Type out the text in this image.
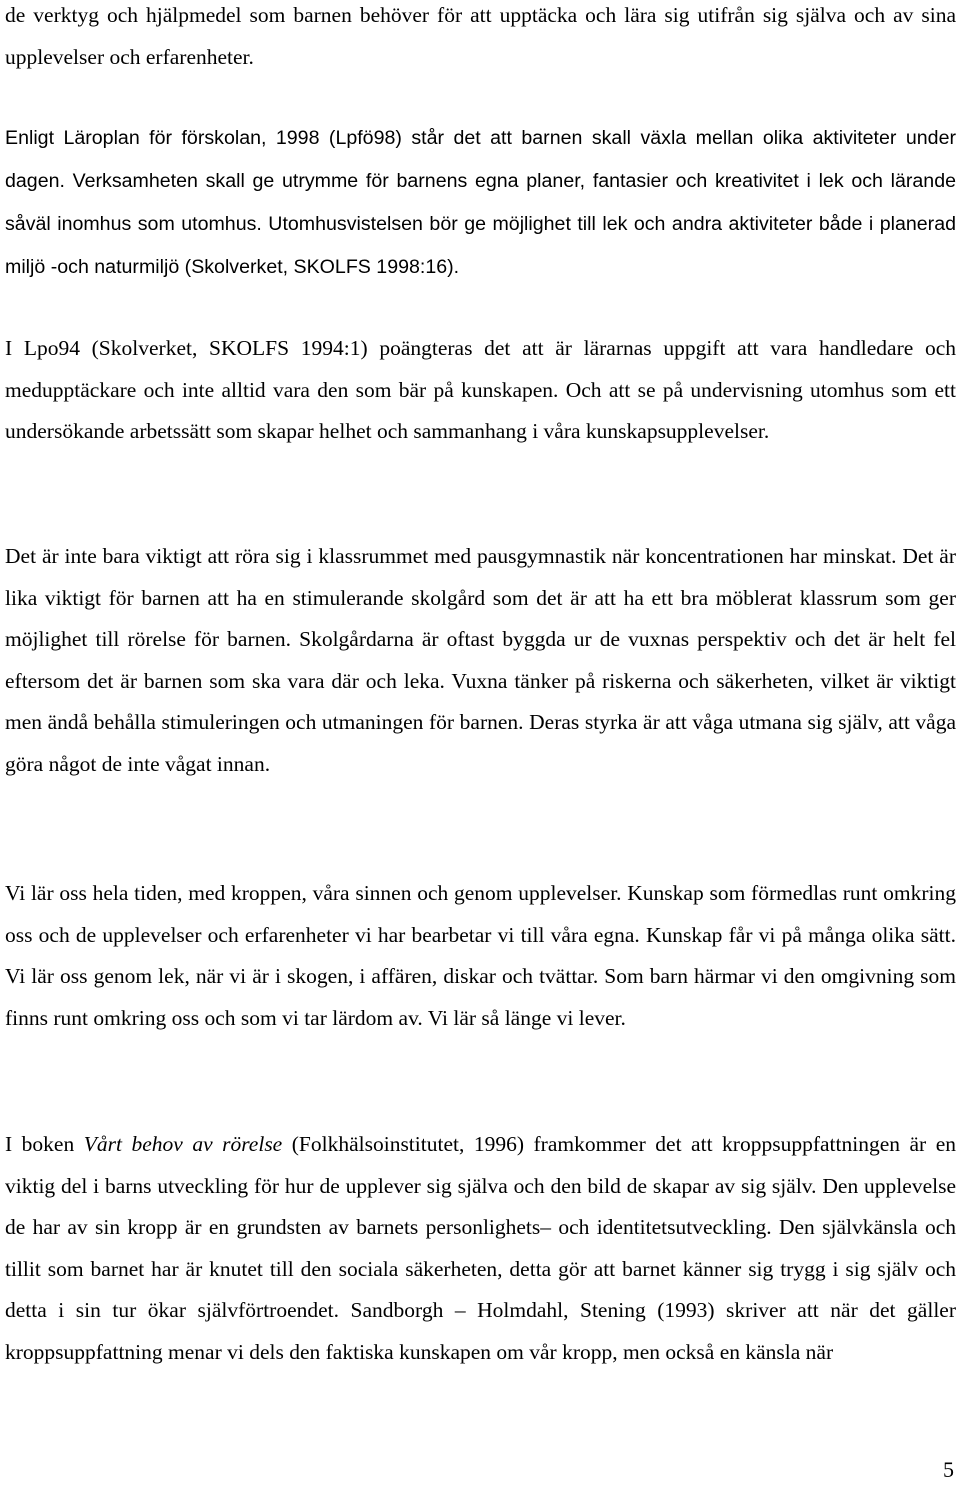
de verktyg och hjälpmedel som barnen behöver för att upptäcka och lära sig utifrån sig själva och av sina upplevelser och erfarenheter.

Enligt Läroplan för förskolan, 1998 (Lpfö98) står det att barnen skall växla mellan olika aktiviteter under dagen. Verksamheten skall ge utrymme för barnens egna planer, fantasier och kreativitet i lek och lärande såväl inomhus som utomhus. Utomhusvistelsen bör ge möjlighet till lek och andra aktiviteter både i planerad miljö -och naturmiljö (Skolverket, SKOLFS 1998:16).

I Lpo94 (Skolverket, SKOLFS 1994:1) poängteras det att är lärarnas uppgift att vara handledare och medupptäckare och inte alltid vara den som bär på kunskapen. Och att se på undervisning utomhus som ett undersökande arbetssätt som skapar helhet och sammanhang i våra kunskapsupplevelser.

Det är inte bara viktigt att röra sig i klassrummet med pausgymnastik när koncentrationen har minskat. Det är lika viktigt för barnen att ha en stimulerande skolgård som det är att ha ett bra möblerat klassrum som ger möjlighet till rörelse för barnen. Skolgårdarna är oftast byggda ur de vuxnas perspektiv och det är helt fel eftersom det är barnen som ska vara där och leka. Vuxna tänker på riskerna och säkerheten, vilket är viktigt men ändå behålla stimuleringen och utmaningen för barnen. Deras styrka är att våga utmana sig själv, att våga göra något de inte vågat innan.

Vi lär oss hela tiden, med kroppen, våra sinnen och genom upplevelser. Kunskap som förmedlas runt omkring oss och de upplevelser och erfarenheter vi har bearbetar vi till våra egna. Kunskap får vi på många olika sätt. Vi lär oss genom lek, när vi är i skogen, i affären, diskar och tvättar. Som barn härmar vi den omgivning som finns runt omkring oss och som vi tar lärdom av. Vi lär så länge vi lever.

I boken Vårt behov av rörelse (Folkhälsoinstitutet, 1996) framkommer det att kroppsuppfattningen är en viktig del i barns utveckling för hur de upplever sig själva och den bild de skapar av sig själv. Den upplevelse de har av sin kropp är en grundsten av barnets personlighets– och identitetsutveckling. Den självkänsla och tillit som barnet har är knutet till den sociala säkerheten, detta gör att barnet känner sig trygg i sig själv och detta i sin tur ökar självförtroendet. Sandborgh – Holmdahl, Stening (1993) skriver att när det gäller kroppsuppfattning menar vi dels den faktiska kunskapen om vår kropp, men också en känsla när

5
